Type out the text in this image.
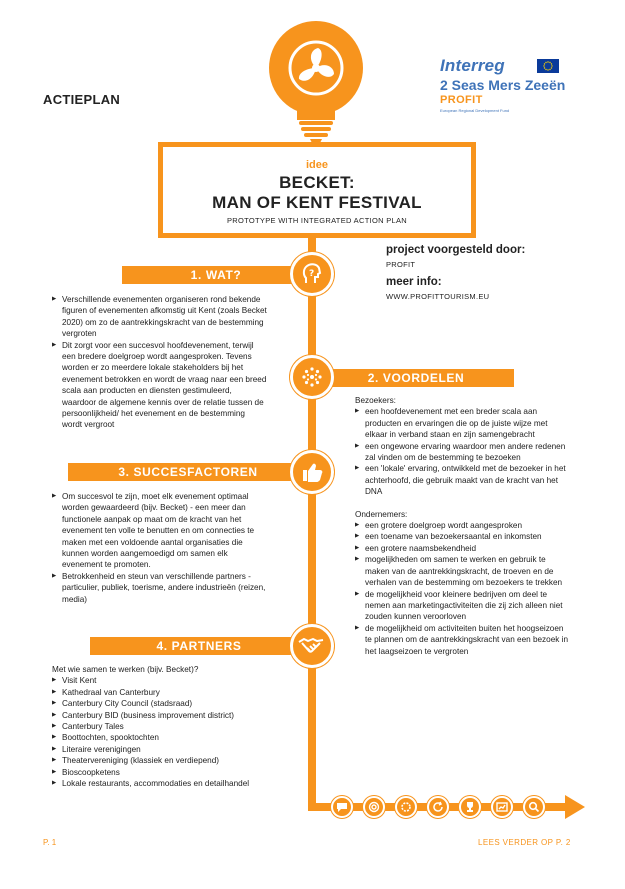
ACTIEPLAN
Interreg
2 Seas Mers Zeeën
PROFIT
European Regional Development Fund
idee
BECKET:
MAN OF KENT FESTIVAL
PROTOTYPE WITH INTEGRATED ACTION PLAN
project voorgesteld door:
PROFIT
meer info:
WWW.PROFITTOURISM.EU
1. WAT?	?
▶ Verschillende evenementen organiseren rond bekende figuren of evenementen afkomstig uit Kent (zoals Becket 2020) om zo de aantrekkingskracht van de bestemming vergroten
▶ Dit zorgt voor een succesvol hoofdevenement, terwijl een bredere doelgroep wordt aangesproken. Tevens worden er zo meerdere lokale stakeholders bij het evenement betrokken en wordt de vraag naar een breed scala aan producten en diensten gestimuleerd, waardoor de algemene kennis over de relatie tussen de persoonlijkheid/ het evenement en de bestemming wordt vergroot
2. VOORDELEN
Bezoekers:
▶ een hoofdevenement met een breder scala aan producten en ervaringen die op de juiste wijze met elkaar in verband staan en zijn samengebracht
▶ een ongewone ervaring waardoor men andere redenen zal vinden om de bestemming te bezoeken
▶ een 'lokale' ervaring, ontwikkeld met de bezoeker in het achterhoofd, die gebruik maakt van de kracht van het DNA
Ondernemers:
▶ een grotere doelgroep wordt aangesproken
▶ een toename van bezoekersaantal en inkomsten
▶ een grotere naamsbekendheid
▶ mogelijkheden om samen te werken en gebruik te maken van de aantrekkingskracht, de troeven en de verhalen van de bestemming om bezoekers te trekken
▶ de mogelijkheid voor kleinere bedrijven om deel te nemen aan marketingactiviteiten die zij zich alleen niet zouden kunnen veroorloven
▶ de mogelijkheid om activiteiten buiten het hoogseizoen te plannen om de aantrekkingskracht van een bezoek in het laagseizoen te vergroten
3. SUCCESFACTOREN
▶ Om succesvol te zijn, moet elk evenement optimaal worden gewaardeerd (bijv. Becket) - een meer dan functionele aanpak op maat om de kracht van het evenement ten volle te benutten en om connecties te maken met een voldoende aantal organisaties die kunnen worden aangemoedigd om samen elk evenement te promoten.
▶ Betrokkenheid en steun van verschillende partners - particulier, publiek, toerisme, andere industrieën (reizen, media)
4. PARTNERS
Met wie samen te werken (bijv. Becket)?
▶ Visit Kent
▶ Kathedraal van Canterbury
▶ Canterbury City Council (stadsraad)
▶ Canterbury BID (business improvement district)
▶ Canterbury Tales
▶ Boottochten, spooktochten
▶ Literaire verenigingen
▶ Theatervereniging (klassiek en verdiepend)
▶ Bioscoopketens
▶ Lokale restaurants, accommodaties en detailhandel
P. 1	LEES VERDER OP P. 2
